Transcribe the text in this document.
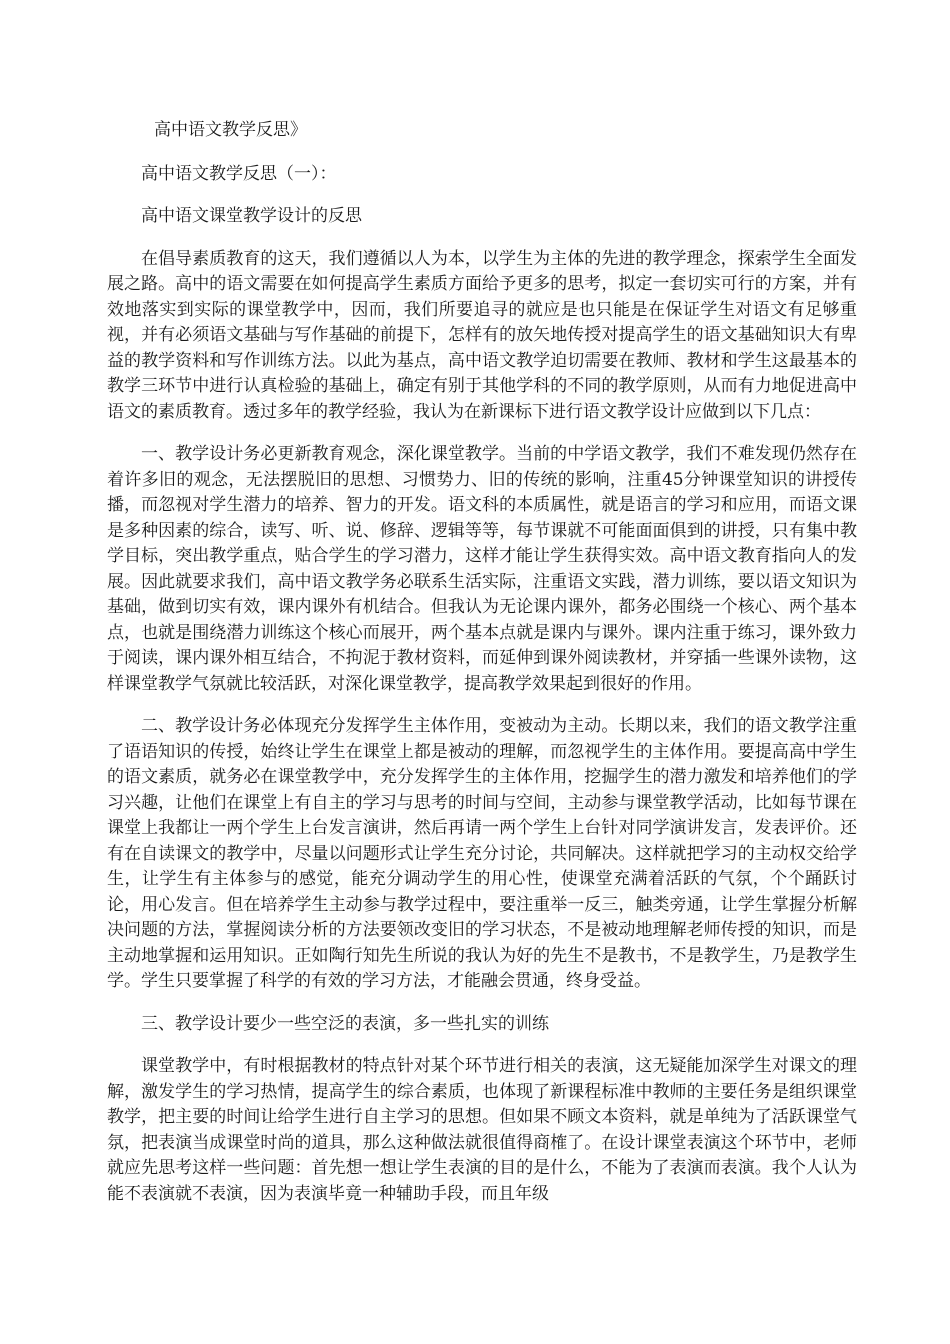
高中语文教学反思》

高中语文教学反思（一）：

高中语文课堂教学设计的反思

在倡导素质教育的这天，我们遵循以人为本，以学生为主体的先进的教学理念，探索学生全面发展之路。高中的语文需要在如何提高学生素质方面给予更多的思考，拟定一套切实可行的方案，并有效地落实到实际的课堂教学中，因而，我们所要追寻的就应是也只能是在保证学生对语文有足够重视，并有必须语文基础与写作基础的前提下，怎样有的放矢地传授对提高学生的语文基础知识大有卑益的教学资料和写作训练方法。以此为基点，高中语文教学迫切需要在教师、教材和学生这最基本的教学三环节中进行认真检验的基础上，确定有别于其他学科的不同的教学原则，从而有力地促进高中语文的素质教育。透过多年的教学经验，我认为在新课标下进行语文教学设计应做到以下几点：

一、教学设计务必更新教育观念，深化课堂教学。当前的中学语文教学，我们不难发现仍然存在着许多旧的观念，无法摆脱旧的思想、习惯势力、旧的传统的影响，注重45分钟课堂知识的讲授传播，而忽视对学生潜力的培养、智力的开发。语文科的本质属性，就是语言的学习和应用，而语文课是多种因素的综合，读写、听、说、修辞、逻辑等等，每节课就不可能面面俱到的讲授，只有集中教学目标，突出教学重点，贴合学生的学习潜力，这样才能让学生获得实效。高中语文教育指向人的发展。因此就要求我们，高中语文教学务必联系生活实际，注重语文实践，潜力训练，要以语文知识为基础，做到切实有效，课内课外有机结合。但我认为无论课内课外，都务必围绕一个核心、两个基本点，也就是围绕潜力训练这个核心而展开，两个基本点就是课内与课外。课内注重于练习，课外致力于阅读，课内课外相互结合，不拘泥于教材资料，而延伸到课外阅读教材，并穿插一些课外读物，这样课堂教学气氛就比较活跃，对深化课堂教学，提高教学效果起到很好的作用。

二、教学设计务必体现充分发挥学生主体作用，变被动为主动。长期以来，我们的语文教学注重了语语知识的传授，始终让学生在课堂上都是被动的理解，而忽视学生的主体作用。要提高高中学生的语文素质，就务必在课堂教学中，充分发挥学生的主体作用，挖掘学生的潜力激发和培养他们的学习兴趣，让他们在课堂上有自主的学习与思考的时间与空间，主动参与课堂教学活动，比如每节课在课堂上我都让一两个学生上台发言演讲，然后再请一两个学生上台针对同学演讲发言，发表评价。还有在自读课文的教学中，尽量以问题形式让学生充分讨论，共同解决。这样就把学习的主动权交给学生，让学生有主体参与的感觉，能充分调动学生的用心性，使课堂充满着活跃的气氛，个个踊跃讨论，用心发言。但在培养学生主动参与教学过程中，要注重举一反三，触类旁通，让学生掌握分析解决问题的方法，掌握阅读分析的方法要领改变旧的学习状态，不是被动地理解老师传授的知识，而是主动地掌握和运用知识。正如陶行知先生所说的我认为好的先生不是教书，不是教学生，乃是教学生学。学生只要掌握了科学的有效的学习方法，才能融会贯通，终身受益。

三、教学设计要少一些空泛的表演，多一些扎实的训练

课堂教学中，有时根据教材的特点针对某个环节进行相关的表演，这无疑能加深学生对课文的理解，激发学生的学习热情，提高学生的综合素质，也体现了新课程标准中教师的主要任务是组织课堂教学，把主要的时间让给学生进行自主学习的思想。但如果不顾文本资料，就是单纯为了活跃课堂气氛，把表演当成课堂时尚的道具，那么这种做法就很值得商榷了。在设计课堂表演这个环节中，老师就应先思考这样一些问题：首先想一想让学生表演的目的是什么，不能为了表演而表演。我个人认为能不表演就不表演，因为表演毕竟一种辅助手段，而且年级
